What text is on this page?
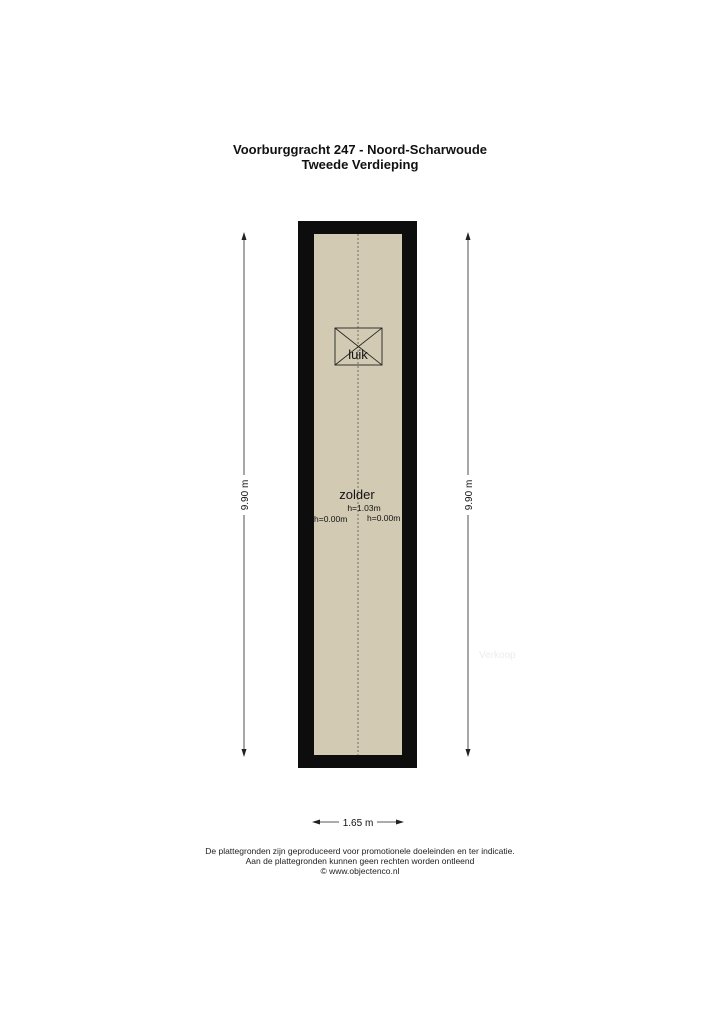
Voorburggracht 247 - Noord-Scharwoude
Tweede Verdieping
luik
zolder
h=1.03m
h=0.00m h=0.00m
9.90 m	9.90 m
1.65 m
Verkoop
De plattegronden zijn geproduceerd voor promotionele doeleinden en ter indicatie.
Aan de plattegronden kunnen geen rechten worden ontleend
© www.objectenco.nl
